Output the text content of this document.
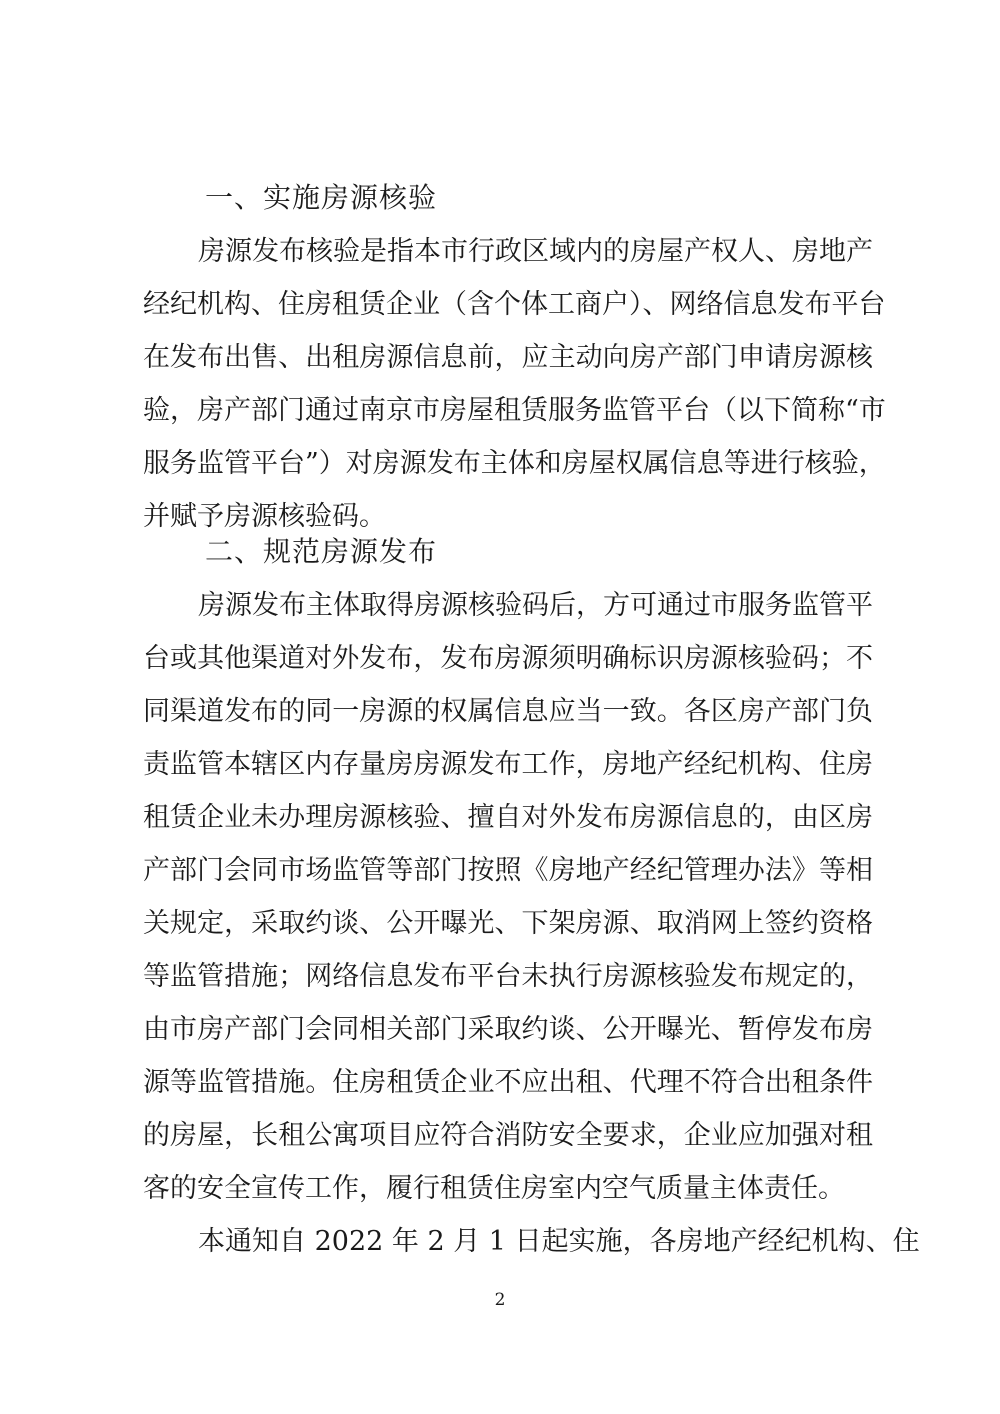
一、实施房源核验
房源发布核验是指本市行政区域内的房屋产权人、房地产
经纪机构、住房租赁企业（含个体工商户）、网络信息发布平台
在发布出售、出租房源信息前，应主动向房产部门申请房源核
验，房产部门通过南京市房屋租赁服务监管平台（以下简称“市
服务监管平台”）对房源发布主体和房屋权属信息等进行核验，
并赋予房源核验码。
二、规范房源发布
房源发布主体取得房源核验码后，方可通过市服务监管平
台或其他渠道对外发布，发布房源须明确标识房源核验码；不
同渠道发布的同一房源的权属信息应当一致。各区房产部门负
责监管本辖区内存量房房源发布工作，房地产经纪机构、住房
租赁企业未办理房源核验、擅自对外发布房源信息的，由区房
产部门会同市场监管等部门按照《房地产经纪管理办法》等相
关规定，采取约谈、公开曝光、下架房源、取消网上签约资格
等监管措施；网络信息发布平台未执行房源核验发布规定的，
由市房产部门会同相关部门采取约谈、公开曝光、暂停发布房
源等监管措施。住房租赁企业不应出租、代理不符合出租条件
的房屋，长租公寓项目应符合消防安全要求，企业应加强对租
客的安全宣传工作，履行租赁住房室内空气质量主体责任。
本通知自 2022 年 2 月 1 日起实施，各房地产经纪机构、住
2
